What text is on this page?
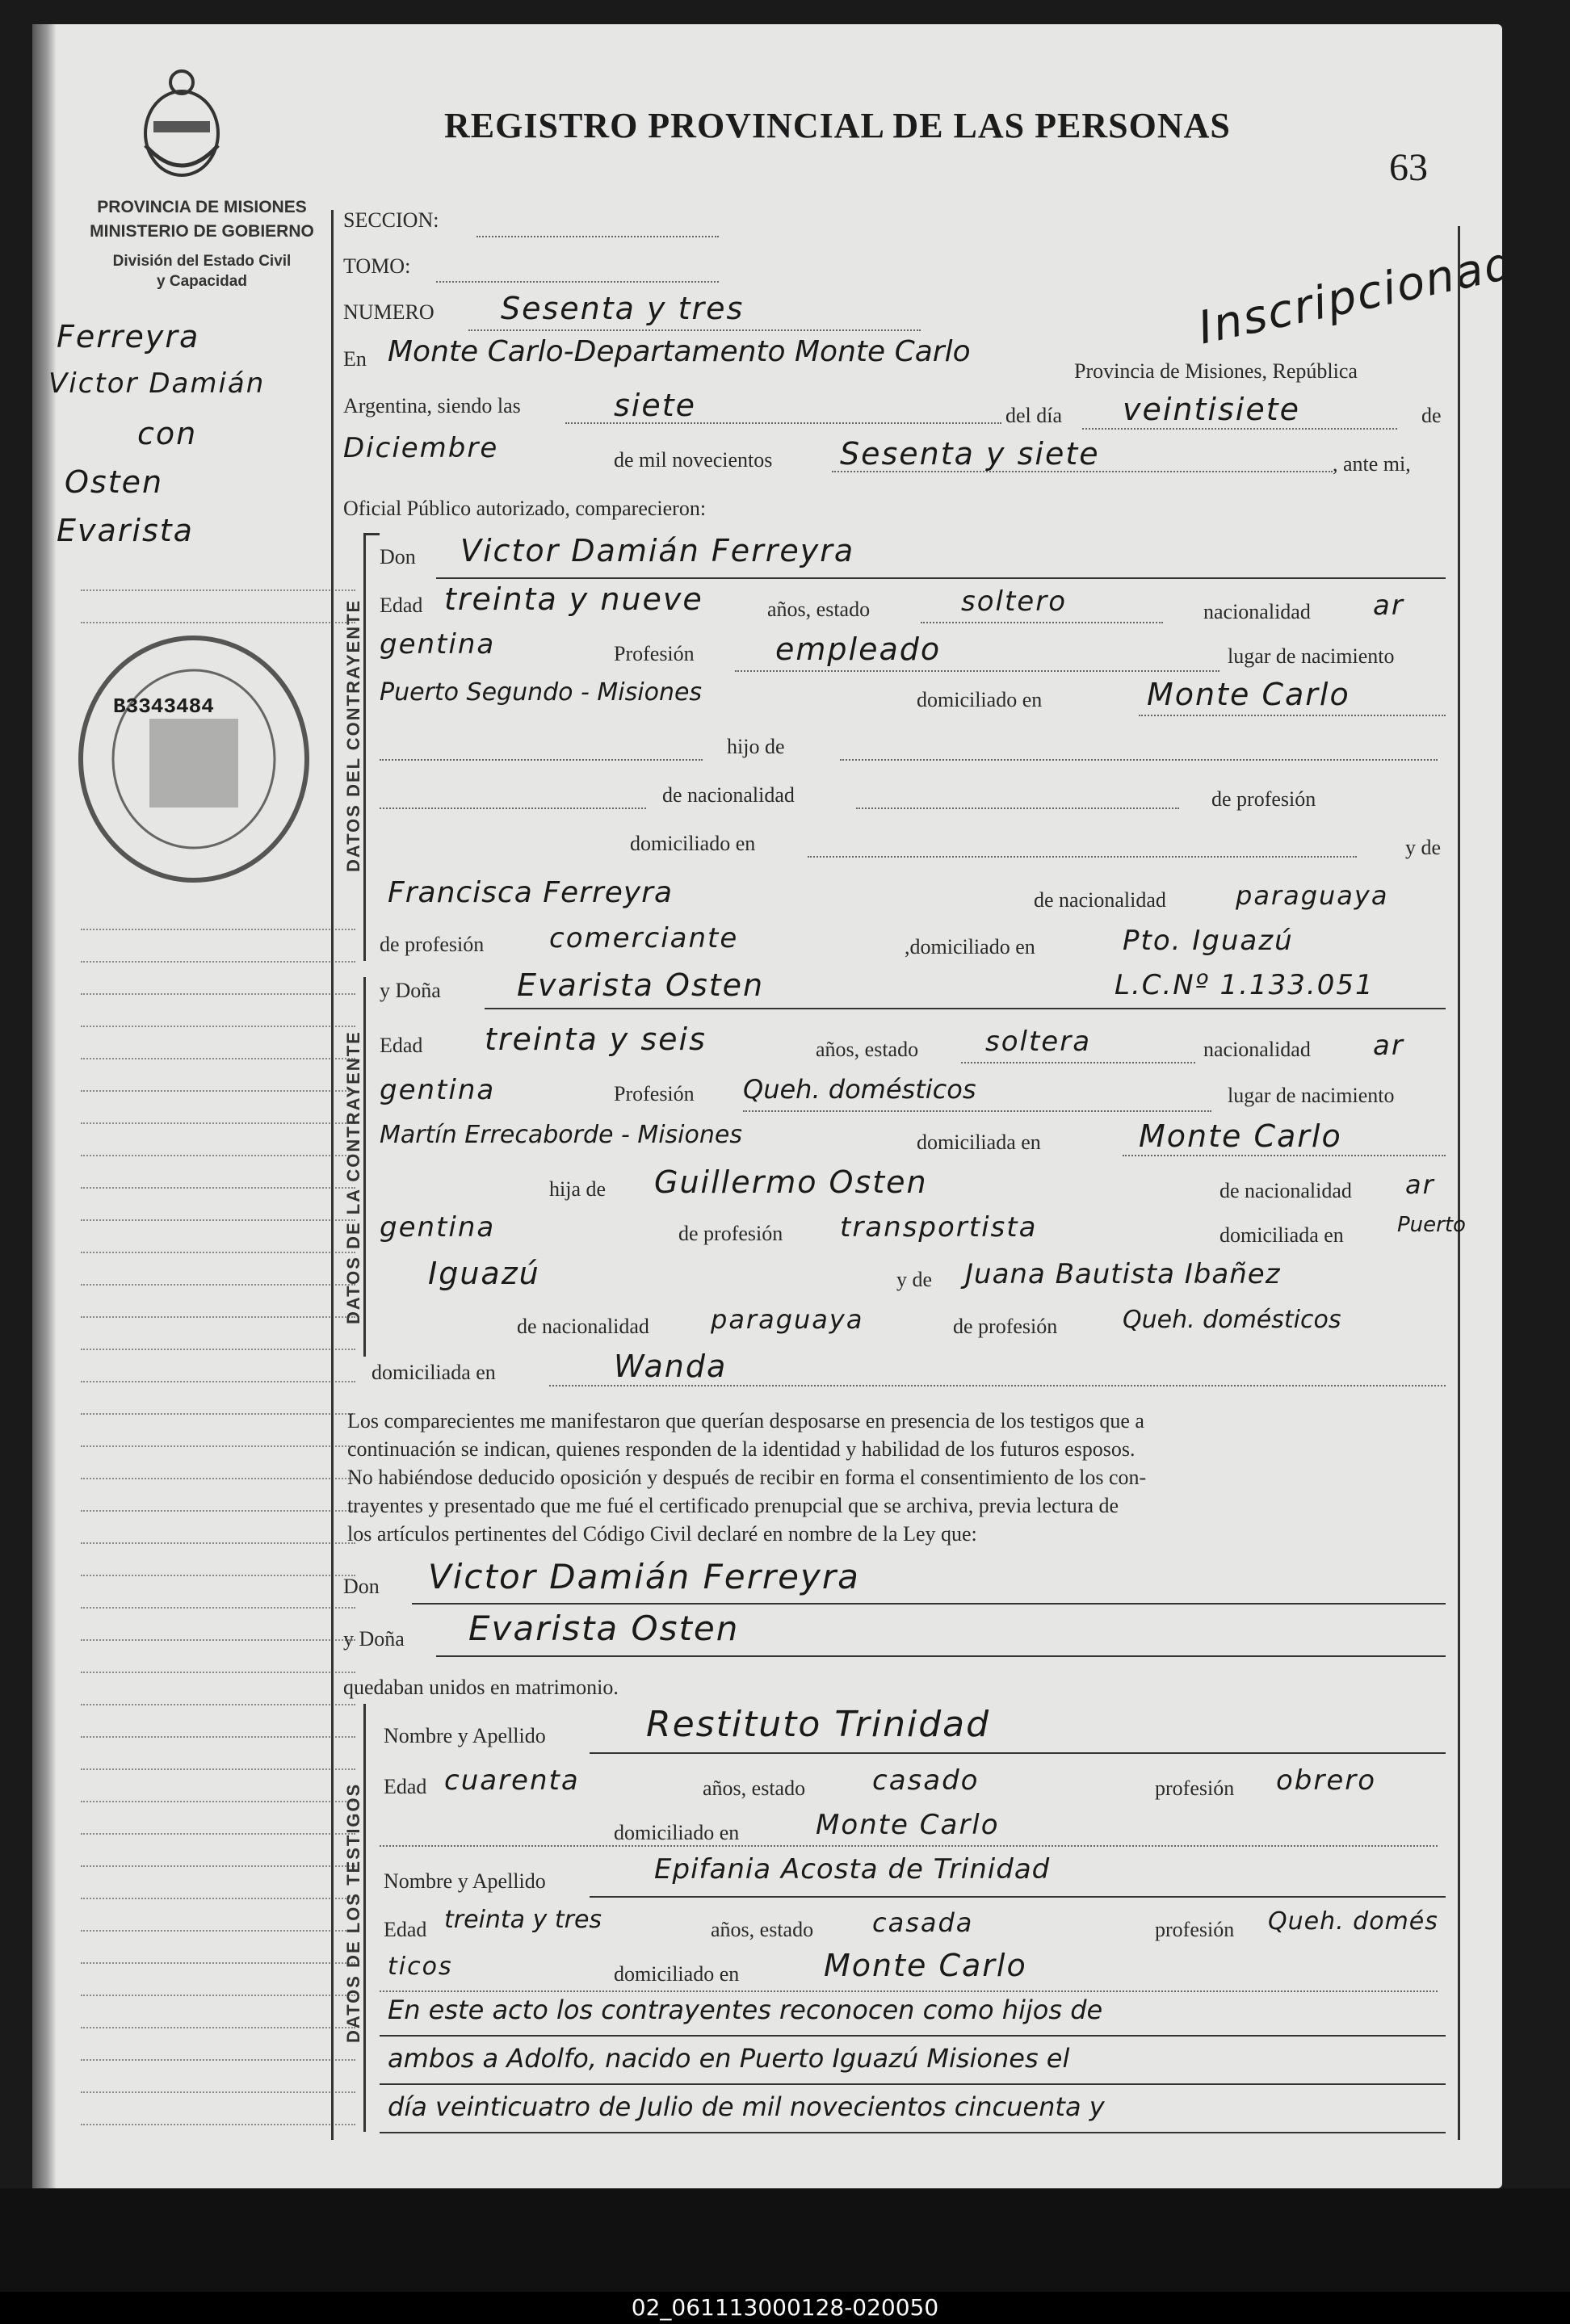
REGISTRO PROVINCIAL DE LAS PERSONAS
63
Inscripcionada
PROVINCIA DE MISIONES
MINISTERIO DE GOBIERNO
División del Estado Civil
y Capacidad
Ferreyra
Victor Damián
con
Osten
Evarista
B3343484
SECCION:
TOMO:
NUMERO Sesenta y tres
En Monte Carlo-Departamento Monte Carlo
Provincia de Misiones, República
Argentina, siendo las	siete	del día veintisiete	de
Diciembre	de mil novecientos Sesenta y siete	, ante mi,
Oficial Público autorizado, comparecieron:
DATOS DEL CONTRAYENTE
Don Victor Damián Ferreyra
Edad treinta y nueve	años, estado	soltero	nacionalidad ar
gentina	Profesión	empleado	lugar de nacimiento
Puerto Segundo - Misiones	domiciliado en	Monte Carlo
hijo de
de nacionalidad	de profesión
domiciliado en	y de
Francisca Ferreyra	de nacionalidad	paraguaya
de profesión comerciante	,domiciliado en	Pto. Iguazú
DATOS DE LA CONTRAYENTE
y Doña Evarista Osten	L.C.Nº 1.133.051
Edad treinta y seis	años, estado soltera	nacionalidad ar
gentina	Profesión Queh. domésticos	lugar de nacimiento
Martín Errecaborde - Misiones	domiciliada en	Monte Carlo
hija de Guillermo Osten	de nacionalidad ar
gentina	de profesión transportista	domiciliada en	Puerto
Iguazú	y de Juana Bautista Ibañez
de nacionalidad paraguaya	de profesión	Queh. domésticos
domiciliada en	Wanda
Los comparecientes me manifestaron que querían desposarse en presencia de los testigos que a
continuación se indican, quienes responden de la identidad y habilidad de los futuros esposos.
No habiéndose deducido oposición y después de recibir en forma el consentimiento de los con-
trayentes y presentado que me fué el certificado prenupcial que se archiva, previa lectura de
los artículos pertinentes del Código Civil declaré en nombre de la Ley que:
Don Victor Damián Ferreyra
y Doña Evarista Osten
quedaban unidos en matrimonio.
DATOS DE LOS TESTIGOS
Nombre y Apellido	Restituto Trinidad
Edad cuarenta	años, estado casado	profesión obrero
domiciliado en	Monte Carlo
Nombre y Apellido	Epifania Acosta de Trinidad
Edad treinta y tres	años, estado casada	profesión Queh. domés
ticos	domiciliado en	Monte Carlo
En este acto los contrayentes reconocen como hijos de
ambos a Adolfo, nacido en Puerto Iguazú Misiones el
día veinticuatro de Julio de mil novecientos cincuenta y
02_061113000128-020050
